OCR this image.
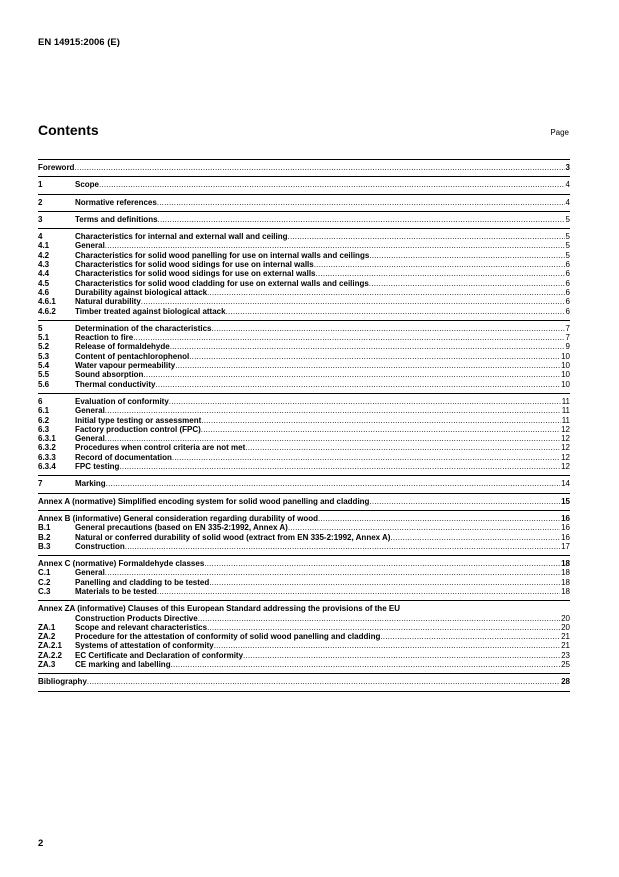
EN 14915:2006 (E)
Contents	Page
Foreword .....	3
1	Scope .....	4
2	Normative references .....	4
3	Terms and definitions .....	5
4	Characteristics for internal and external wall and ceiling .....	5
4.1	General .....	5
4.2	Characteristics for solid wood panelling for use on internal walls and ceilings .....	5
4.3	Characteristics for solid wood sidings for use on internal walls .....	6
4.4	Characteristics for solid wood sidings for use on external walls .....	6
4.5	Characteristics for solid wood cladding for use on external walls and ceilings .....	6
4.6	Durability against biological attack .....	6
4.6.1	Natural durability .....	6
4.6.2	Timber treated against biological attack .....	6
5	Determination of the characteristics .....	7
5.1	Reaction to fire .....	7
5.2	Release of formaldehyde .....	9
5.3	Content of pentachlorophenol .....	10
5.4	Water vapour permeability .....	10
5.5	Sound absorption .....	10
5.6	Thermal conductivity .....	10
6	Evaluation of conformity .....	11
6.1	General .....	11
6.2	Initial type testing or assessment .....	11
6.3	Factory production control (FPC) .....	12
6.3.1	General .....	12
6.3.2	Procedures when control criteria are not met .....	12
6.3.3	Record of documentation .....	12
6.3.4	FPC testing .....	12
7	Marking .....	14
Annex A (normative) Simplified encoding system for solid wood panelling and cladding .....	15
Annex B (informative) General consideration regarding durability of wood .....	16
B.1	General precautions (based on EN 335-2:1992, Annex A) .....	16
B.2	Natural or conferred durability of solid wood (extract from EN 335-2:1992, Annex A) .....	16
B.3	Construction .....	17
Annex C (normative) Formaldehyde classes .....	18
C.1	General .....	18
C.2	Panelling and cladding to be tested .....	18
C.3	Materials to be tested .....	18
Annex ZA (informative) Clauses of this European Standard addressing the provisions of the EU
Construction Products Directive .....	20
ZA.1	Scope and relevant characteristics .....	20
ZA.2	Procedure for the attestation of conformity of solid wood panelling and cladding .....	21
ZA.2.1	Systems of attestation of conformity .....	21
ZA.2.2	EC Certificate and Declaration of conformity .....	23
ZA.3	CE marking and labelling .....	25
Bibliography .....	28
2
